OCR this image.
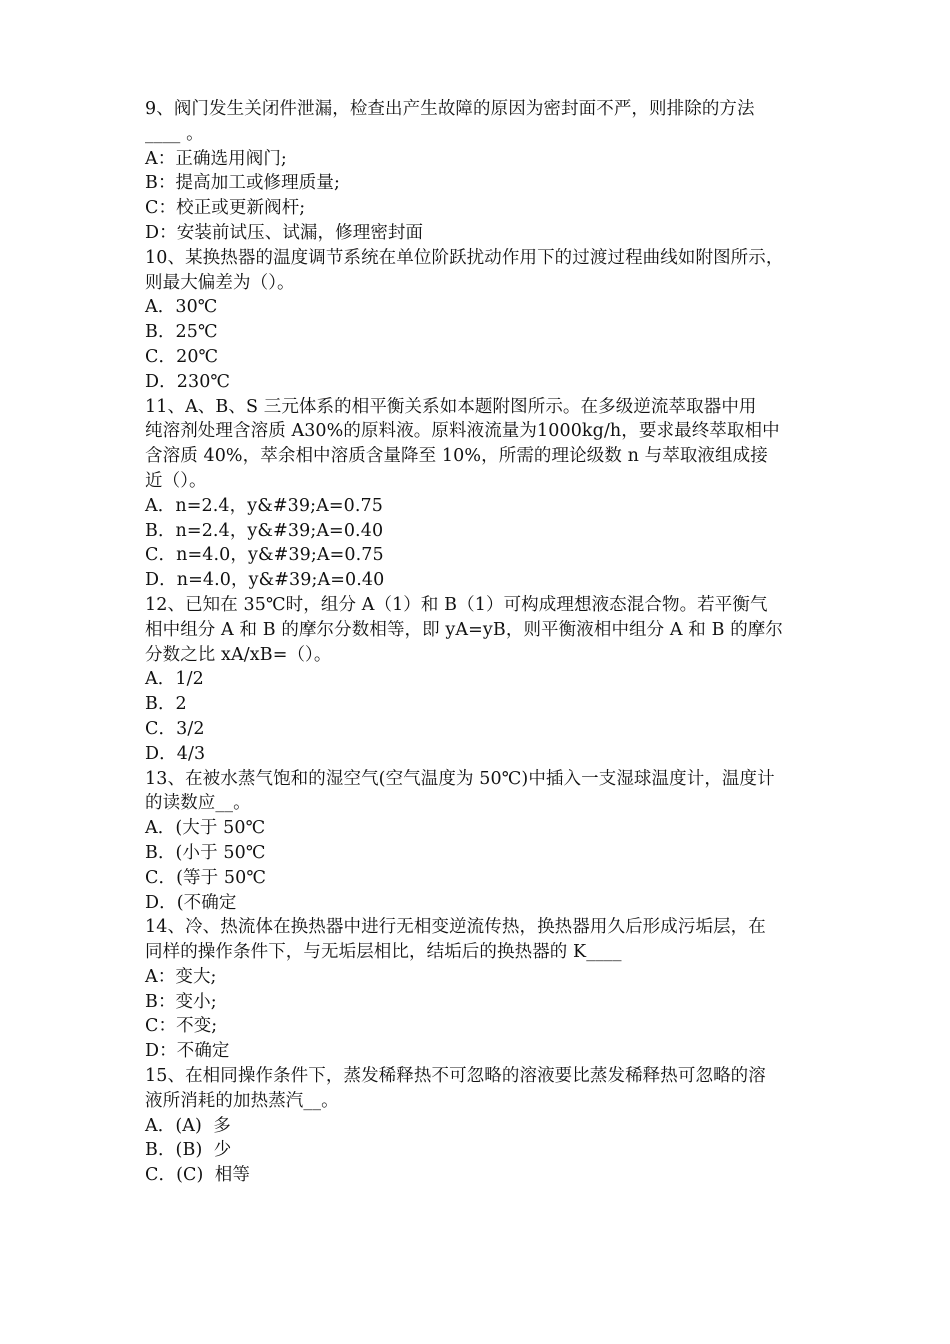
9、阀门发生关闭件泄漏，检查出产生故障的原因为密封面不严，则排除的方法
____ 。
A：正确选用阀门;
B：提高加工或修理质量;
C：校正或更新阀杆;
D：安装前试压、试漏，修理密封面
10、某换热器的温度调节系统在单位阶跃扰动作用下的过渡过程曲线如附图所示，
则最大偏差为（）。
A．30℃
B．25℃
C．20℃
D．230℃
11、A、B、S 三元体系的相平衡关系如本题附图所示。在多级逆流萃取器中用
纯溶剂处理含溶质 A30%的原料液。原料液流量为1000kg/h，要求最终萃取相中
含溶质 40%，萃余相中溶质含量降至 10%，所需的理论级数 n 与萃取液组成接
近（）。
A．n=2.4，y&#39;A=0.75
B．n=2.4，y&#39;A=0.40
C．n=4.0，y&#39;A=0.75
D．n=4.0，y&#39;A=0.40
12、已知在 35℃时，组分 A（1）和 B（1）可构成理想液态混合物。若平衡气
相中组分 A 和 B 的摩尔分数相等，即 yA=yB，则平衡液相中组分 A 和 B 的摩尔
分数之比 xA/xB=（）。
A．1/2
B．2
C．3/2
D．4/3
13、在被水蒸气饱和的湿空气(空气温度为 50℃)中插入一支湿球温度计，温度计
的读数应__。
A．(大于 50℃
B．(小于 50℃
C．(等于 50℃
D．(不确定
14、冷、热流体在换热器中进行无相变逆流传热，换热器用久后形成污垢层，在
同样的操作条件下，与无垢层相比，结垢后的换热器的 K____
A：变大;
B：变小;
C：不变;
D：不确定
15、在相同操作条件下，蒸发稀释热不可忽略的溶液要比蒸发稀释热可忽略的溶
液所消耗的加热蒸汽__。
A．(A)  多
B．(B)  少
C．(C)  相等
